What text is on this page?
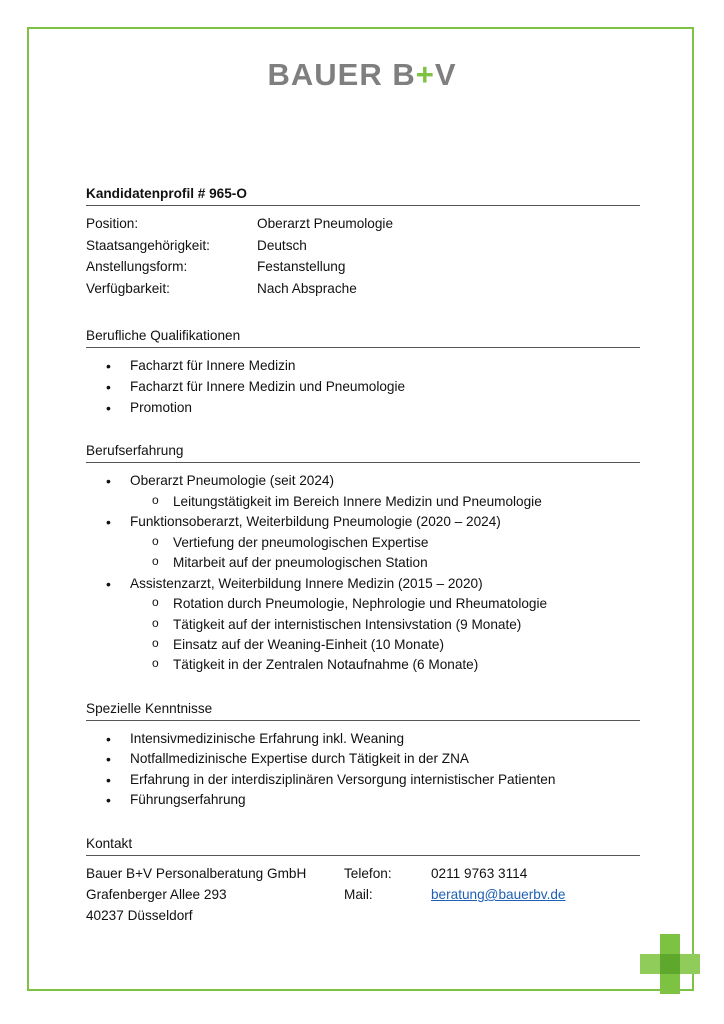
BAUER B+V
Kandidatenprofil # 965-O
Position:	Oberarzt Pneumologie
Staatsangehörigkeit:	Deutsch
Anstellungsform:	Festanstellung
Verfügbarkeit:	Nach Absprache
Berufliche Qualifikationen
• Facharzt für Innere Medizin
• Facharzt für Innere Medizin und Pneumologie
• Promotion
Berufserfahrung
• Oberarzt Pneumologie (seit 2024)
o Leitungstätigkeit im Bereich Innere Medizin und Pneumologie
• Funktionsoberarzt, Weiterbildung Pneumologie (2020 – 2024)
o Vertiefung der pneumologischen Expertise
o Mitarbeit auf der pneumologischen Station
• Assistenzarzt, Weiterbildung Innere Medizin (2015 – 2020)
o Rotation durch Pneumologie, Nephrologie und Rheumatologie
o Tätigkeit auf der internistischen Intensivstation (9 Monate)
o Einsatz auf der Weaning-Einheit (10 Monate)
o Tätigkeit in der Zentralen Notaufnahme (6 Monate)
Spezielle Kenntnisse
• Intensivmedizinische Erfahrung inkl. Weaning
• Notfallmedizinische Expertise durch Tätigkeit in der ZNA
• Erfahrung in der interdisziplinären Versorgung internistischer Patienten
• Führungserfahrung
Kontakt
Bauer B+V Personalberatung GmbH	Telefon:	0211 9763 3114
Grafenberger Allee 293	Mail:	beratung@bauerbv.de
40237 Düsseldorf		
